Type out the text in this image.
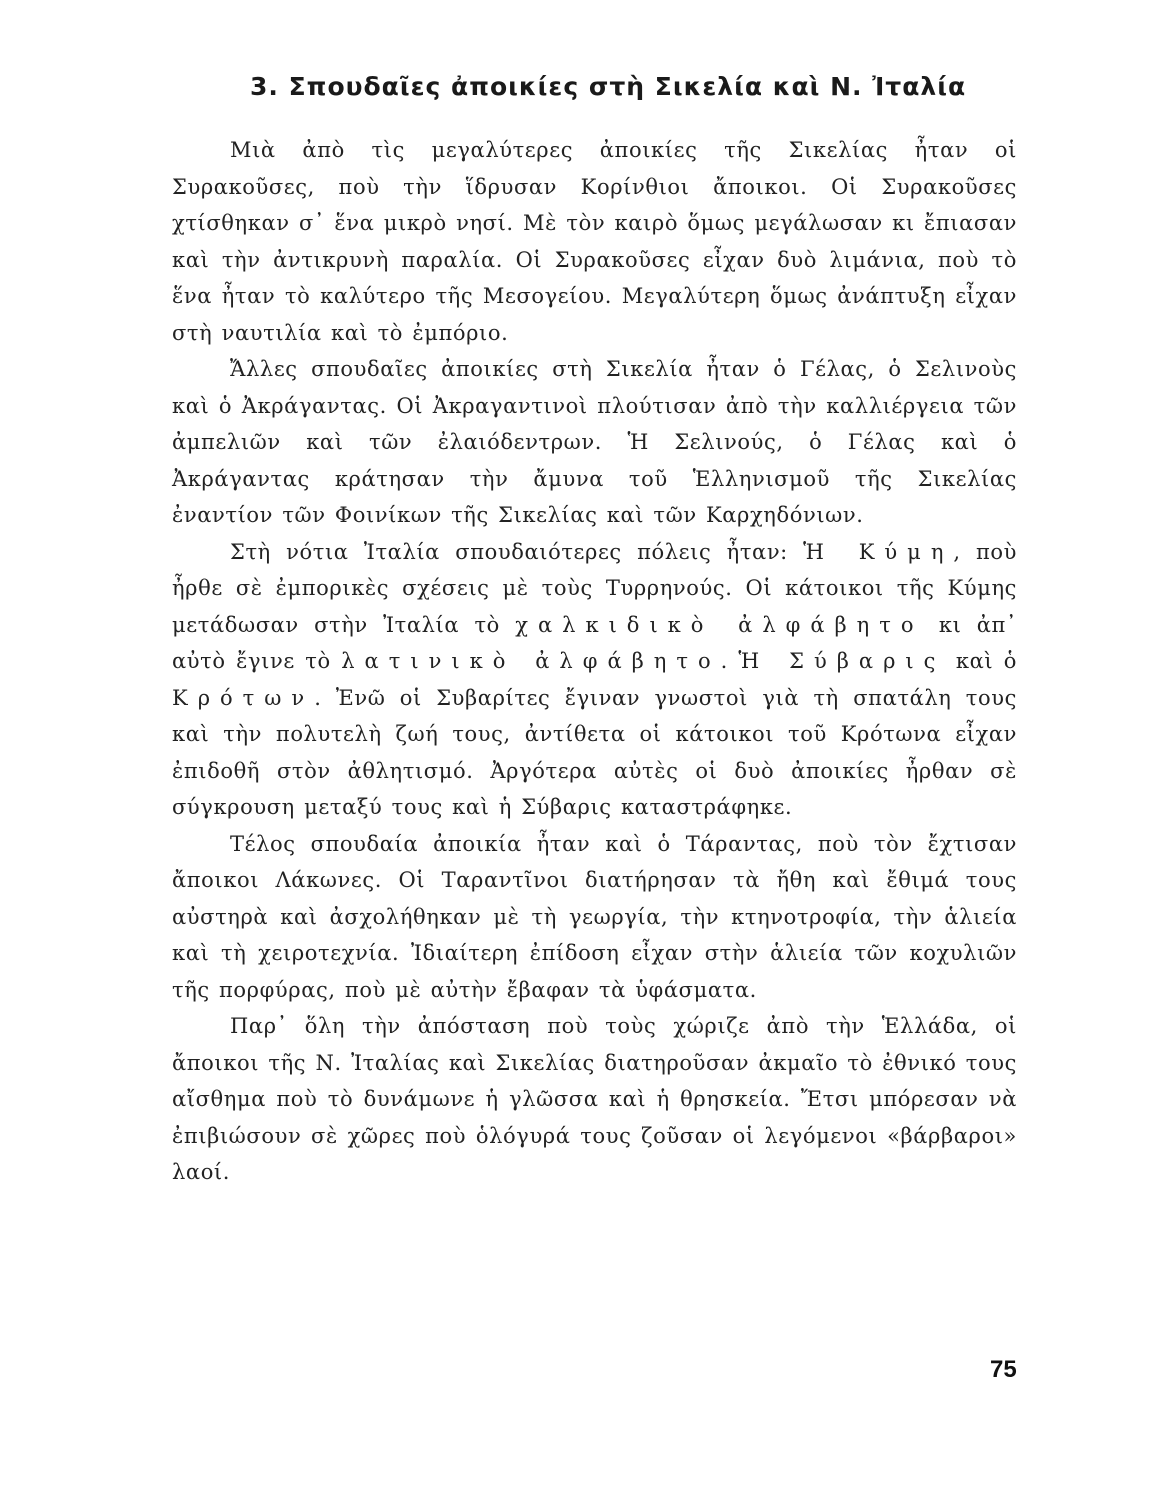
3. Σπουδαῖες ἀποικίες στὴ Σικελία καὶ Ν. Ἰταλία

Μιὰ ἀπὸ τὶς μεγαλύτερες ἀποικίες τῆς Σικελίας ἦταν οἱ Συρακοῦσες, ποὺ τὴν ἵδρυσαν Κορίνθιοι ἄποικοι. Οἱ Συρακοῦσες χτίσθηκαν σ᾽ ἕνα μικρὸ νησί. Μὲ τὸν καιρὸ ὅμως μεγάλωσαν κι ἔπιασαν καὶ τὴν ἀντικρυνὴ παραλία. Οἱ Συρακοῦσες εἶχαν δυὸ λιμάνια, ποὺ τὸ ἕνα ἦταν τὸ καλύτερο τῆς Μεσογείου. Μεγαλύτερη ὅμως ἀνάπτυξη εἶχαν στὴ ναυτιλία καὶ τὸ ἐμπόριο.

Ἄλλες σπουδαῖες ἀποικίες στὴ Σικελία ἦταν ὁ Γέλας, ὁ Σελινοὺς καὶ ὁ Ἀκράγαντας. Οἱ Ἀκραγαντινοὶ πλούτισαν ἀπὸ τὴν καλλιέργεια τῶν ἀμπελιῶν καὶ τῶν ἐλαιόδεντρων. Ἡ Σελινούς, ὁ Γέλας καὶ ὁ Ἀκράγαντας κράτησαν τὴν ἄμυνα τοῦ Ἑλληνισμοῦ τῆς Σικελίας ἐναντίον τῶν Φοινίκων τῆς Σικελίας καὶ τῶν Καρχηδόνιων.

Στὴ νότια Ἰταλία σπουδαιότερες πόλεις ἦταν: Ἡ Κύμη, ποὺ ἦρθε σὲ ἐμπορικὲς σχέσεις μὲ τοὺς Τυρρηνούς. Οἱ κάτοικοι τῆς Κύμης μετάδωσαν στὴν Ἰταλία τὸ χαλκιδικὸ ἀλφάβητο κι ἀπ᾽ αὐτὸ ἔγινε τὸ λατινικὸ ἀλφάβητο. Ἡ Σύβαρις καὶ ὁ Κρότων. Ἐνῶ οἱ Συβαρίτες ἔγιναν γνωστοὶ γιὰ τὴ σπατάλη τους καὶ τὴν πολυτελὴ ζωή τους, ἀντίθετα οἱ κάτοικοι τοῦ Κρότωνα εἶχαν ἐπιδοθῆ στὸν ἀθλητισμό. Ἀργότερα αὐτὲς οἱ δυὸ ἀποικίες ἦρθαν σὲ σύγκρουση μεταξύ τους καὶ ἡ Σύβαρις καταστράφηκε.

Τέλος σπουδαία ἀποικία ἦταν καὶ ὁ Τάραντας, ποὺ τὸν ἔχτισαν ἄποικοι Λάκωνες. Οἱ Ταραντῖνοι διατήρησαν τὰ ἤθη καὶ ἔθιμά τους αὐστηρὰ καὶ ἀσχολήθηκαν μὲ τὴ γεωργία, τὴν κτηνοτροφία, τὴν ἁλιεία καὶ τὴ χειροτεχνία. Ἰδιαίτερη ἐπίδοση εἶχαν στὴν ἁλιεία τῶν κοχυλιῶν τῆς πορφύρας, ποὺ μὲ αὐτὴν ἔβαφαν τὰ ὑφάσματα.

Παρ᾽ ὅλη τὴν ἀπόσταση ποὺ τοὺς χώριζε ἀπὸ τὴν Ἑλλάδα, οἱ ἄποικοι τῆς Ν. Ἰταλίας καὶ Σικελίας διατηροῦσαν ἀκμαῖο τὸ ἐθνικό τους αἴσθημα ποὺ τὸ δυνάμωνε ἡ γλῶσσα καὶ ἡ θρησκεία. Ἔτσι μπόρεσαν νὰ ἐπιβιώσουν σὲ χῶρες ποὺ ὁλόγυρά τους ζοῦσαν οἱ λεγόμενοι «βάρβαροι» λαοί.

75
